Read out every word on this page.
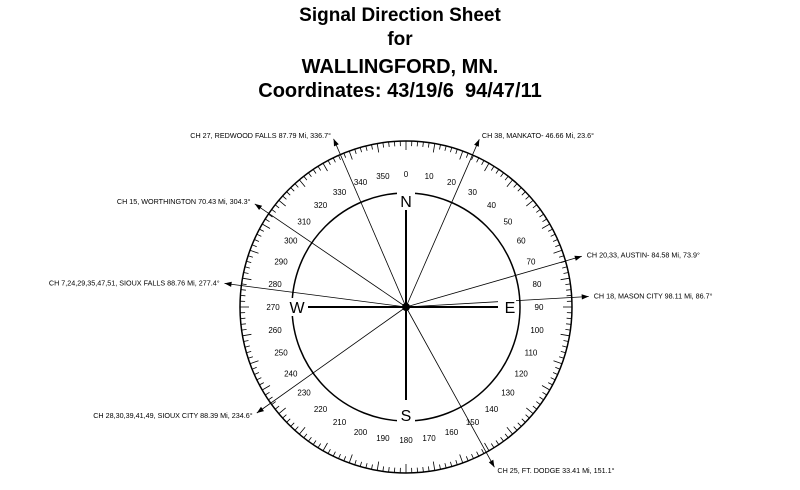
Signal Direction Sheet
for
WALLINGFORD, MN.
Coordinates: 43/19/6  94/47/11
0 10
20
30
40
50
60
70
80
90
100
110
120
130
140
150
160
170
180
190
200
210
220
230
240
250
260
270
280
290
300
310
320
330
340
350
N
E
S
W
CH 38, MANKATO- 46.66 Mi, 23.6°
CH 20,33, AUSTIN- 84.58 Mi, 73.9°
CH 18, MASON CITY 98.11 Mi, 86.7°
CH 25, FT. DODGE 33.41 Mi, 151.1°
CH 28,30,39,41,49, SIOUX CITY 88.39 Mi, 234.6°
CH 7,24,29,35,47,51, SIOUX FALLS 88.76 Mi, 277.4°
CH 15, WORTHINGTON 70.43 Mi, 304.3°
CH 27, REDWOOD FALLS 87.79 Mi, 336.7°
